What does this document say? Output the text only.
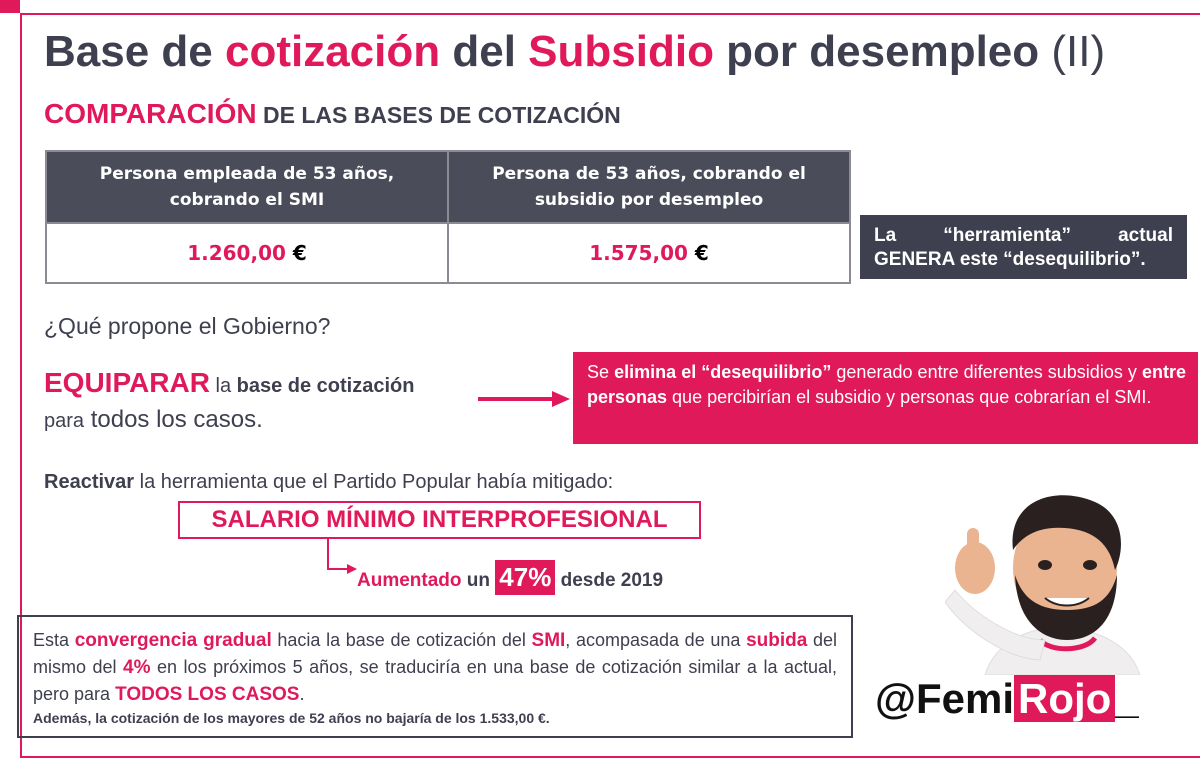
Base de cotización del Subsidio por desempleo (II)
COMPARACIÓN DE LAS BASES DE COTIZACIÓN
Persona empleada de 53 años,
cobrando el SMI	Persona de 53 años, cobrando el
subsidio por desempleo
1.260,00 €	1.575,00 €
La “herramienta” actual
GENERA este “desequilibrio”.
¿Qué propone el Gobierno?
EQUIPARAR la base de cotización
para todos los casos.
Se elimina el “desequilibrio” generado entre diferentes subsidios y entre personas que percibirían el subsidio y personas que cobrarían el SMI.
Reactivar la herramienta que el Partido Popular había mitigado:
SALARIO MÍNIMO INTERPROFESIONAL
Aumentado un 47% desde 2019
Esta convergencia gradual hacia la base de cotización del SMI, acompasada de una subida del mismo del 4% en los próximos 5 años, se traduciría en una base de cotización similar a la actual, pero para TODOS LOS CASOS.
Además, la cotización de los mayores de 52 años no bajaría de los 1.533,00 €.	@FemiRojo_
